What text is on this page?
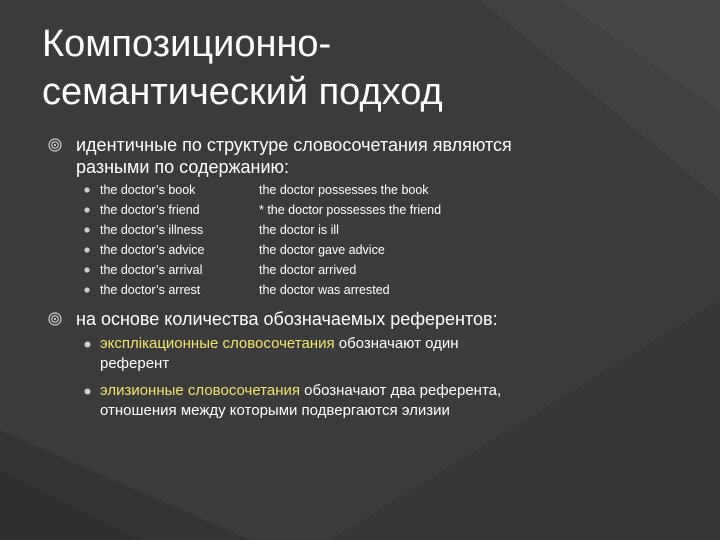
Композиционно-
семантический подход
идентичные по структуре словосочетания являются
разными по содержанию:
the doctor’s book	the doctor possesses the book
the doctor’s friend	* the doctor possesses the friend
the doctor’s illness	the doctor is ill
the doctor’s advice	the doctor gave advice
the doctor’s arrival	the doctor arrived
the doctor’s arrest	the doctor was arrested
на основе количества обозначаемых референтов:
эксплікационные словосочетания обозначают один
референт
элизионные словосочетания обозначают два референта,
отношения между которыми подвергаются элизии
